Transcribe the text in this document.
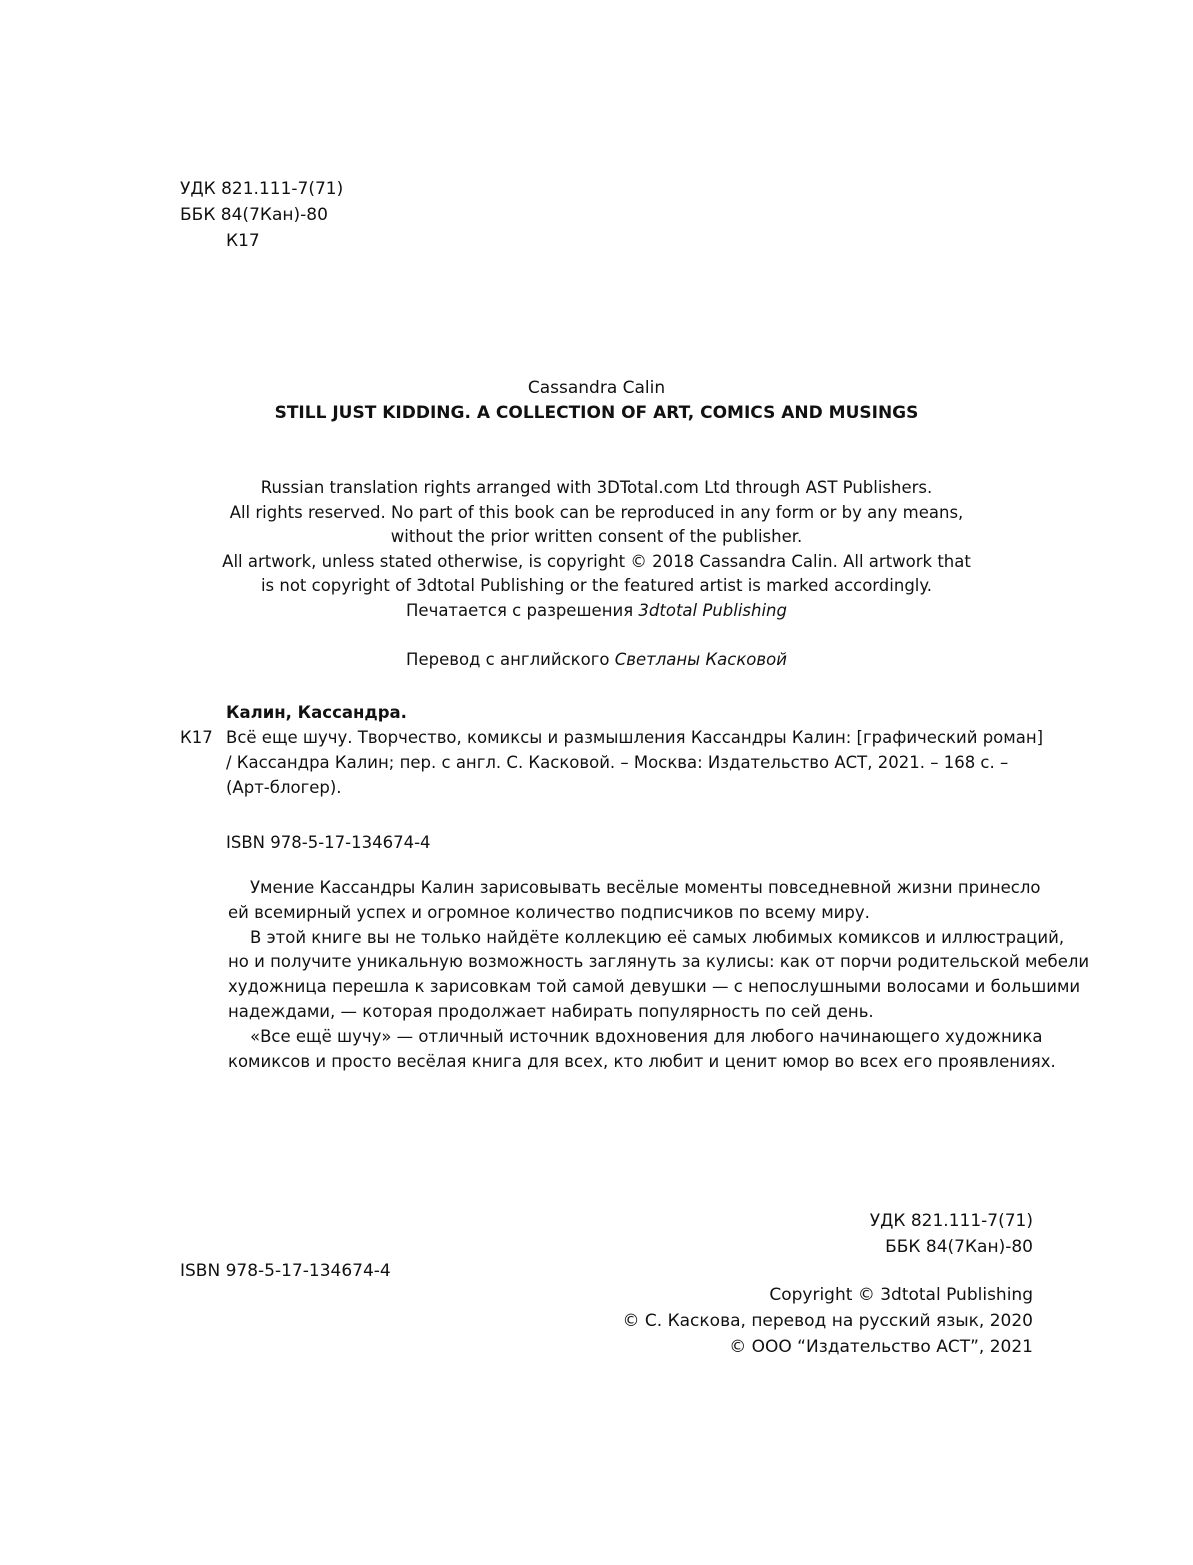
УДК 821.111-7(71)
ББК 84(7Кан)-80
К17
Cassandra Calin
STILL JUST KIDDING. A COLLECTION OF ART, COMICS AND MUSINGS
Russian translation rights arranged with 3DTotal.com Ltd through AST Publishers.
All rights reserved. No part of this book can be reproduced in any form or by any means,
without the prior written consent of the publisher.
All artwork, unless stated otherwise, is copyright © 2018 Cassandra Calin. All artwork that
is not copyright of 3dtotal Publishing or the featured artist is marked accordingly.
Печатается с разрешения 3dtotal Publishing
Перевод с английского Светланы Касковой
Калин, Кассандра.
К17 Всё еще шучу. Творчество, комиксы и размышления Кассандры Калин: [графический роман]
/ Кассандра Калин; пер. с англ. С. Касковой. – Москва: Издательство АСТ, 2021. – 168 с. –
(Арт-блогер).
ISBN 978-5-17-134674-4
Умение Кассандры Калин зарисовывать весёлые моменты повседневной жизни принесло
ей всемирный успех и огромное количество подписчиков по всему миру.
В этой книге вы не только найдёте коллекцию её самых любимых комиксов и иллюстраций,
но и получите уникальную возможность заглянуть за кулисы: как от порчи родительской мебели
художница перешла к зарисовкам той самой девушки — с непослушными волосами и большими
надеждами, — которая продолжает набирать популярность по сей день.
«Все ещё шучу» — отличный источник вдохновения для любого начинающего художника
комиксов и просто весёлая книга для всех, кто любит и ценит юмор во всех его проявлениях.
УДК 821.111-7(71)
ББК 84(7Кан)-80
ISBN 978-5-17-134674-4
Copyright © 3dtotal Publishing
© С. Каскова, перевод на русский язык, 2020
© ООО “Издательство АСТ”, 2021
